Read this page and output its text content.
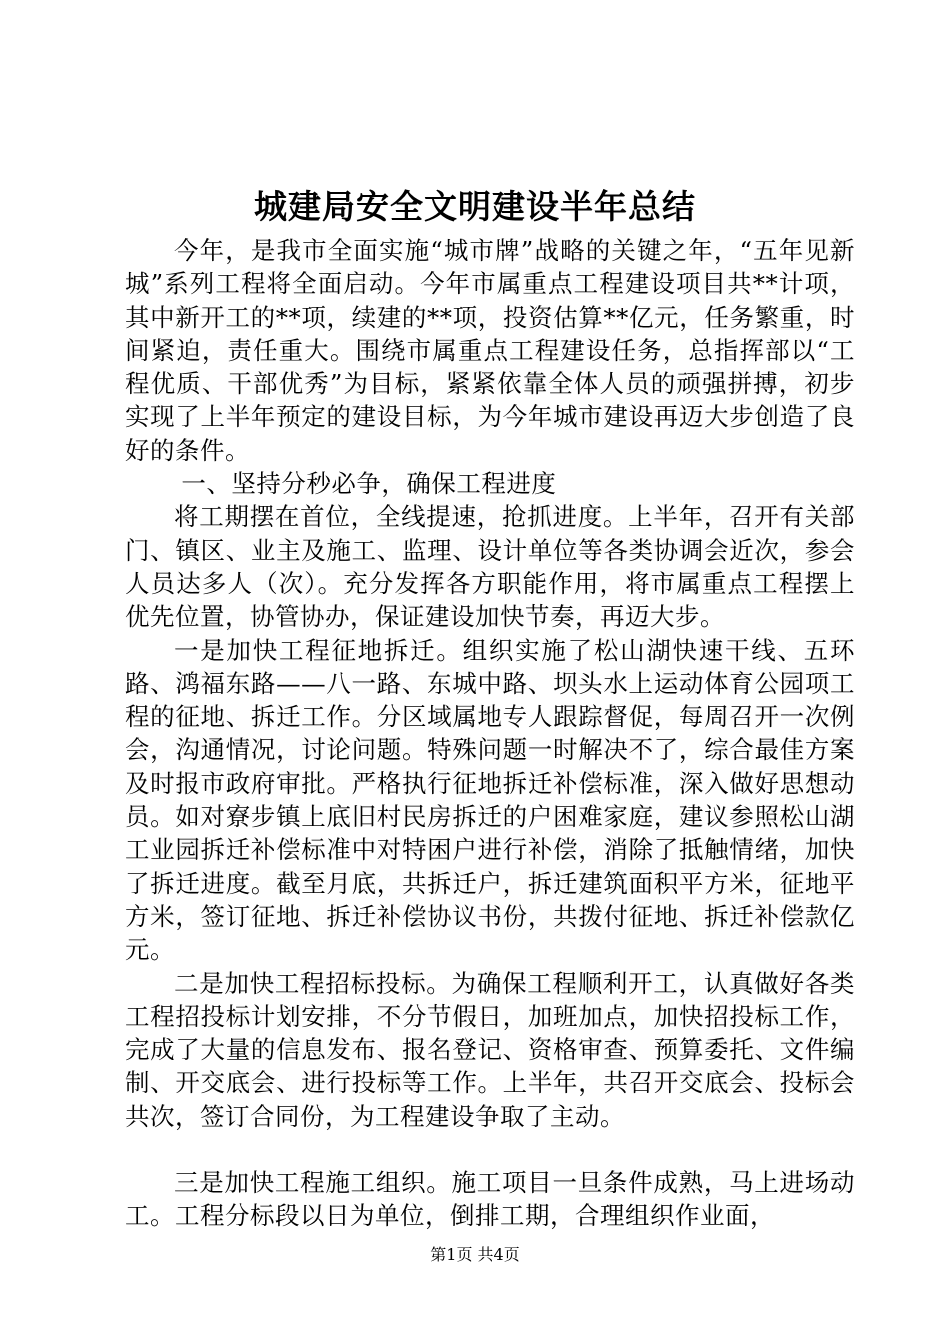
城建局安全文明建设半年总结

今年，是我市全面实施“城市牌”战略的关键之年，“五年见新城”系列工程将全面启动。今年市属重点工程建设项目共**计项，其中新开工的**项，续建的**项，投资估算**亿元，任务繁重，时间紧迫，责任重大。围绕市属重点工程建设任务，总指挥部以“工程优质、干部优秀”为目标，紧紧依靠全体人员的顽强拼搏，初步实现了上半年预定的建设目标，为今年城市建设再迈大步创造了良好的条件。

一、坚持分秒必争，确保工程进度

将工期摆在首位，全线提速，抢抓进度。上半年，召开有关部门、镇区、业主及施工、监理、设计单位等各类协调会近次，参会人员达多人（次）。充分发挥各方职能作用，将市属重点工程摆上优先位置，协管协办，保证建设加快节奏，再迈大步。

一是加快工程征地拆迁。组织实施了松山湖快速干线、五环路、鸿福东路——八一路、东城中路、坝头水上运动体育公园项工程的征地、拆迁工作。分区域属地专人跟踪督促，每周召开一次例会，沟通情况，讨论问题。特殊问题一时解决不了，综合最佳方案及时报市政府审批。严格执行征地拆迁补偿标准，深入做好思想动员。如对寮步镇上底旧村民房拆迁的户困难家庭，建议参照松山湖工业园拆迁补偿标准中对特困户进行补偿，消除了抵触情绪，加快了拆迁进度。截至月底，共拆迁户，拆迁建筑面积平方米，征地平方米，签订征地、拆迁补偿协议书份，共拨付征地、拆迁补偿款亿元。

二是加快工程招标投标。为确保工程顺利开工，认真做好各类工程招投标计划安排，不分节假日，加班加点，加快招投标工作，完成了大量的信息发布、报名登记、资格审查、预算委托、文件编制、开交底会、进行投标等工作。上半年，共召开交底会、投标会共次，签订合同份，为工程建设争取了主动。

三是加快工程施工组织。施工项目一旦条件成熟，马上进场动工。工程分标段以日为单位，倒排工期，合理组织作业面，

第1页 共4页
